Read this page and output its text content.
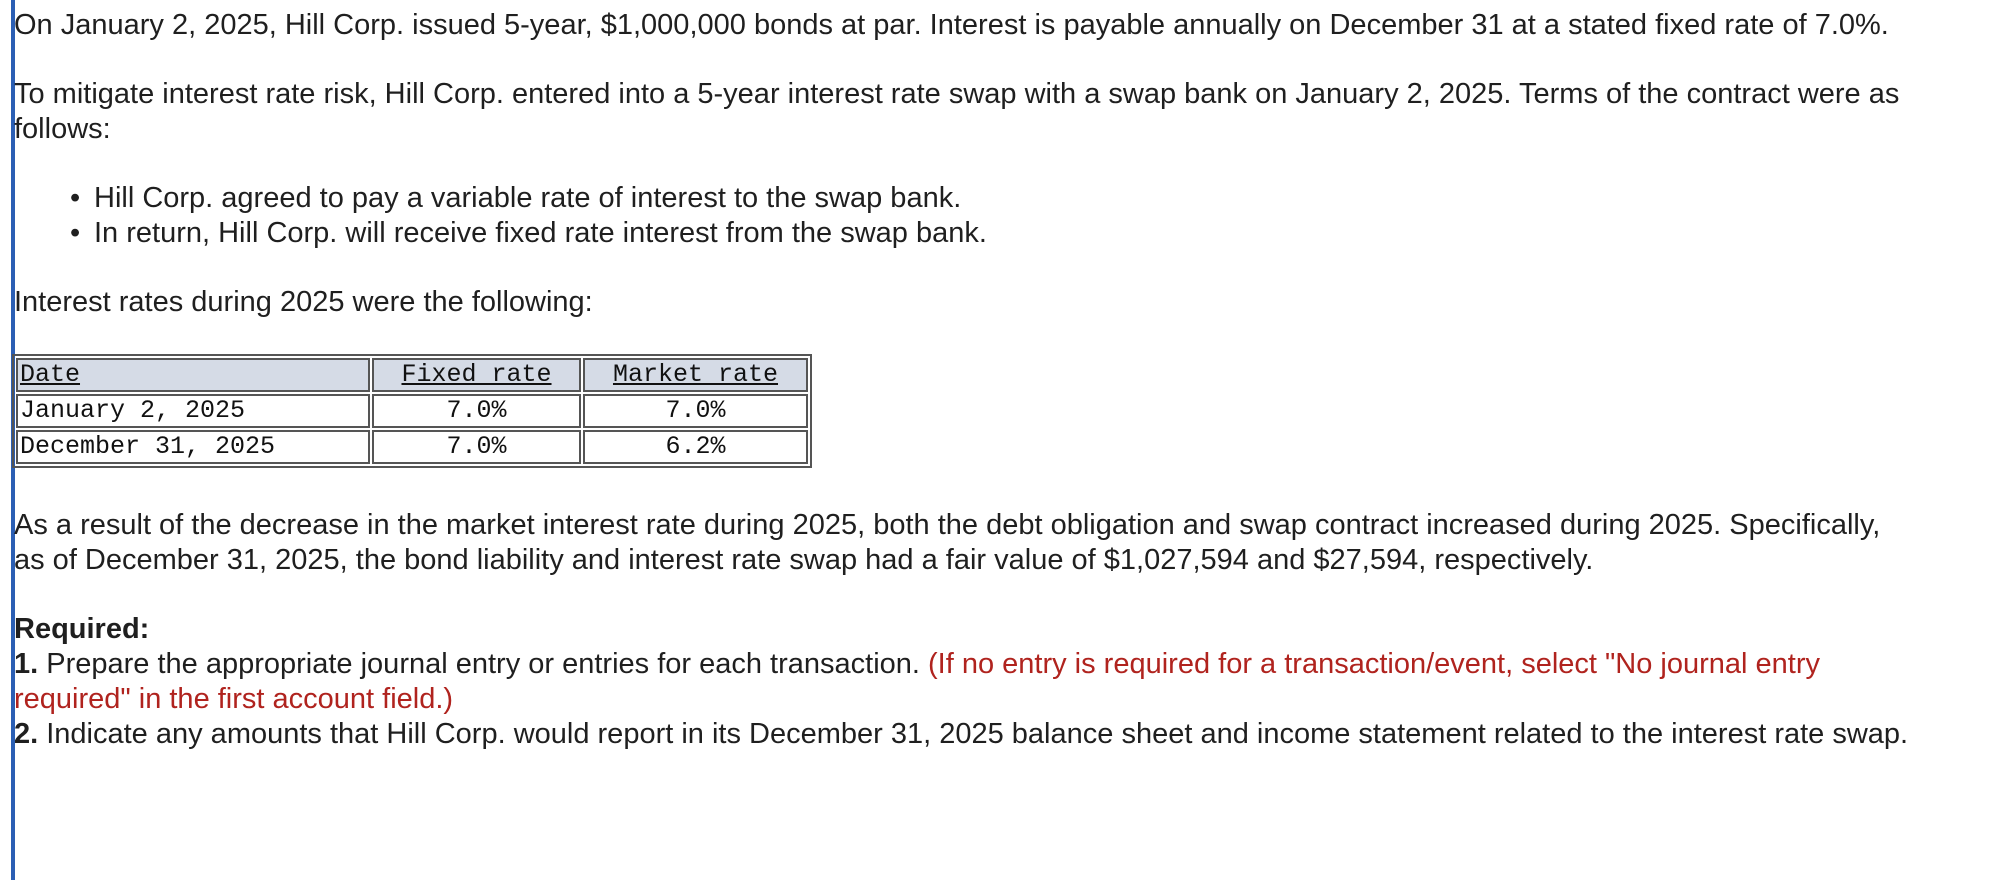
On January 2, 2025, Hill Corp. issued 5-year, $1,000,000 bonds at par. Interest is payable annually on December 31 at a stated fixed rate of 7.0%.

To mitigate interest rate risk, Hill Corp. entered into a 5-year interest rate swap with a swap bank on January 2, 2025. Terms of the contract were as follows:

• Hill Corp. agreed to pay a variable rate of interest to the swap bank.
• In return, Hill Corp. will receive fixed rate interest from the swap bank.

Interest rates during 2025 were the following:

Date	Fixed rate	Market rate
January 2, 2025	7.0%	7.0%
December 31, 2025	7.0%	6.2%

As a result of the decrease in the market interest rate during 2025, both the debt obligation and swap contract increased during 2025. Specifically, as of December 31, 2025, the bond liability and interest rate swap had a fair value of $1,027,594 and $27,594, respectively.

Required:

1. Prepare the appropriate journal entry or entries for each transaction. (If no entry is required for a transaction/event, select "No journal entry required" in the first account field.)

2. Indicate any amounts that Hill Corp. would report in its December 31, 2025 balance sheet and income statement related to the interest rate swap.
